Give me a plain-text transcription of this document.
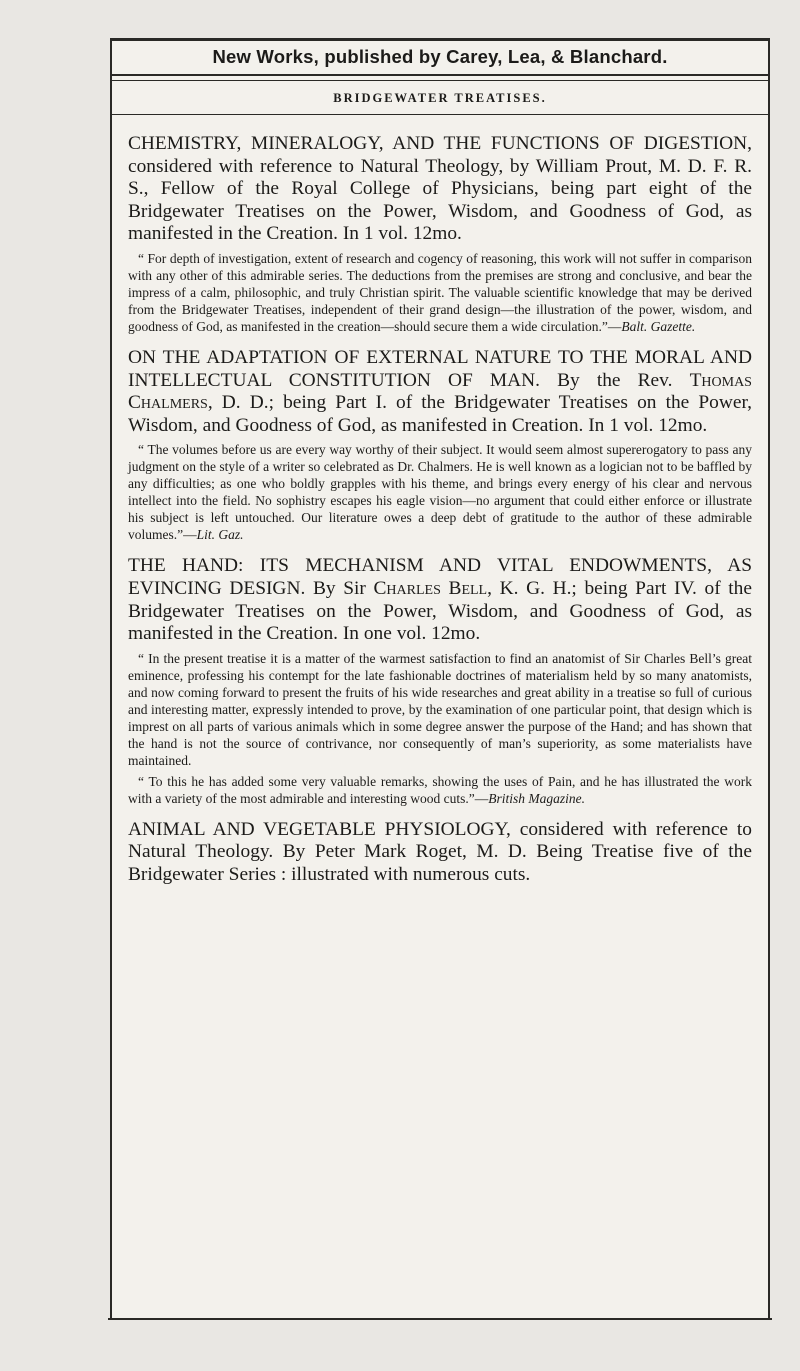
New Works, published by Carey, Lea, & Blanchard.
BRIDGEWATER TREATISES.

CHEMISTRY, MINERALOGY, AND THE FUNCTIONS OF DIGESTION, considered with reference to Natural Theology, by William Prout, M. D. F. R. S., Fellow of the Royal College of Physicians, being part eight of the Bridgewater Treatises on the Power, Wisdom, and Goodness of God, as manifested in the Creation. In 1 vol. 12mo.

“ For depth of investigation, extent of research and cogency of reasoning, this work will not suffer in comparison with any other of this admirable series. The deductions from the premises are strong and conclusive, and bear the impress of a calm, philosophic, and truly Christian spirit. The valuable scientific knowledge that may be derived from the Bridgewater Treatises, independent of their grand design—the illustration of the power, wisdom, and goodness of God, as manifested in the creation—should secure them a wide circulation.”—Balt. Gazette.

ON THE ADAPTATION OF EXTERNAL NATURE TO THE MORAL AND INTELLECTUAL CONSTITUTION OF MAN. By the Rev. Thomas Chalmers, D. D.; being Part I. of the Bridgewater Treatises on the Power, Wisdom, and Goodness of God, as manifested in Creation. In 1 vol. 12mo.

“ The volumes before us are every way worthy of their subject. It would seem almost supererogatory to pass any judgment on the style of a writer so celebrated as Dr. Chalmers. He is well known as a logician not to be baffled by any difficulties; as one who boldly grapples with his theme, and brings every energy of his clear and nervous intellect into the field. No sophistry escapes his eagle vision—no argument that could either enforce or illustrate his subject is left untouched. Our literature owes a deep debt of gratitude to the author of these admirable volumes.”—Lit. Gaz.

THE HAND: ITS MECHANISM AND VITAL ENDOWMENTS, AS EVINCING DESIGN. By Sir Charles Bell, K. G. H.; being Part IV. of the Bridgewater Treatises on the Power, Wisdom, and Goodness of God, as manifested in the Creation. In one vol. 12mo.

“ In the present treatise it is a matter of the warmest satisfaction to find an anatomist of Sir Charles Bell’s great eminence, professing his contempt for the late fashionable doctrines of materialism held by so many anatomists, and now coming forward to present the fruits of his wide researches and great ability in a treatise so full of curious and interesting matter, expressly intended to prove, by the examination of one particular point, that design which is imprest on all parts of various animals which in some degree answer the purpose of the Hand; and has shown that the hand is not the source of contrivance, nor consequently of man’s superiority, as some materialists have maintained.

“ To this he has added some very valuable remarks, showing the uses of Pain, and he has illustrated the work with a variety of the most admirable and interesting wood cuts.”—British Magazine.

ANIMAL AND VEGETABLE PHYSIOLOGY, considered with reference to Natural Theology. By Peter Mark Roget, M. D. Being Treatise five of the Bridgewater Series : illustrated with numerous cuts.
